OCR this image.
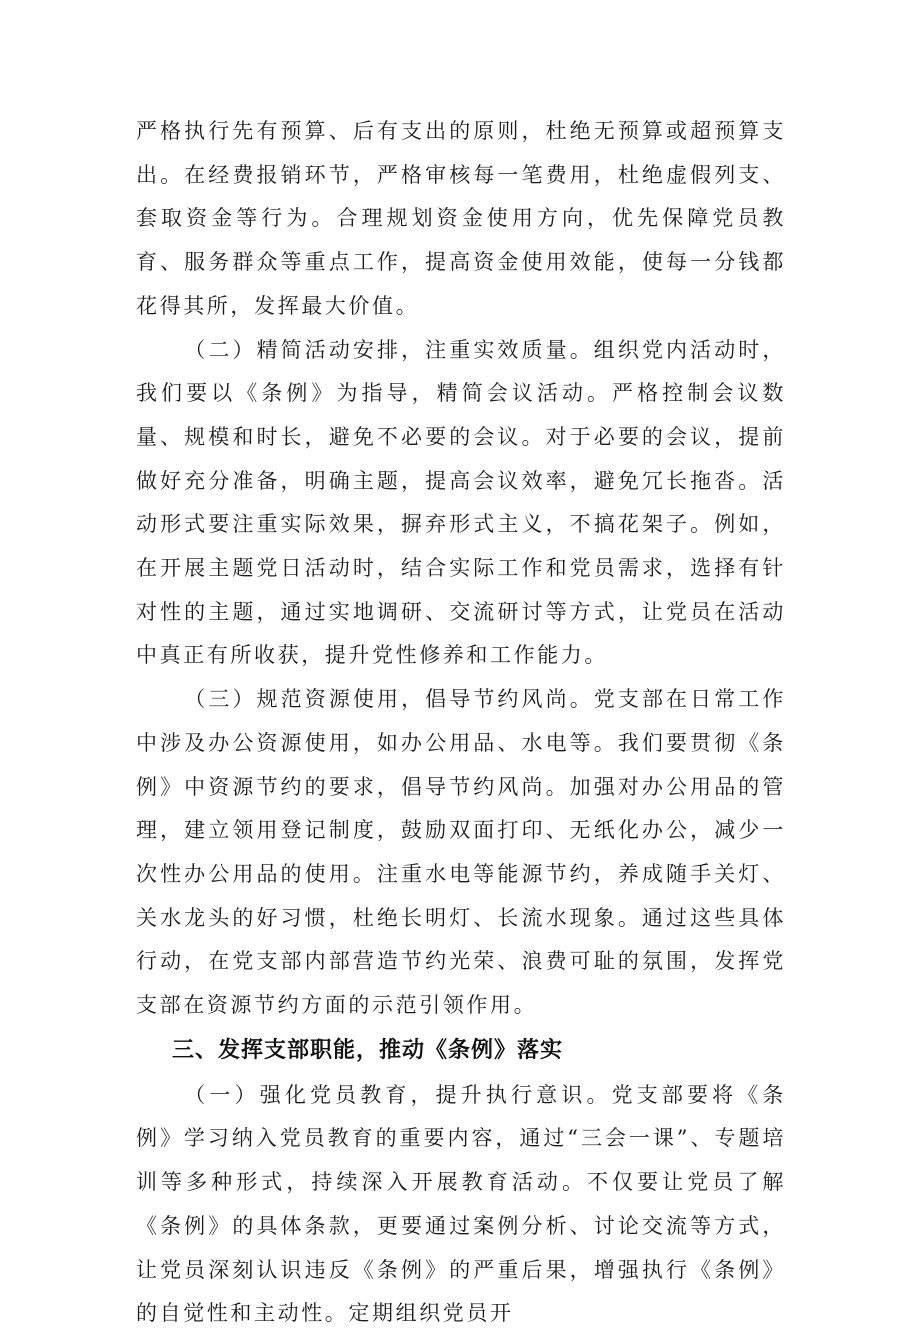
严格执行先有预算、后有支出的原则，杜绝无预算或超预算支出。在经费报销环节，严格审核每一笔费用，杜绝虚假列支、套取资金等行为。合理规划资金使用方向，优先保障党员教育、服务群众等重点工作，提高资金使用效能，使每一分钱都花得其所，发挥最大价值。

（二）精简活动安排，注重实效质量。组织党内活动时，我们要以《条例》为指导，精简会议活动。严格控制会议数量、规模和时长，避免不必要的会议。对于必要的会议，提前做好充分准备，明确主题，提高会议效率，避免冗长拖沓。活动形式要注重实际效果，摒弃形式主义，不搞花架子。例如，在开展主题党日活动时，结合实际工作和党员需求，选择有针对性的主题，通过实地调研、交流研讨等方式，让党员在活动中真正有所收获，提升党性修养和工作能力。

（三）规范资源使用，倡导节约风尚。党支部在日常工作中涉及办公资源使用，如办公用品、水电等。我们要贯彻《条例》中资源节约的要求，倡导节约风尚。加强对办公用品的管理，建立领用登记制度，鼓励双面打印、无纸化办公，减少一次性办公用品的使用。注重水电等能源节约，养成随手关灯、关水龙头的好习惯，杜绝长明灯、长流水现象。通过这些具体行动，在党支部内部营造节约光荣、浪费可耻的氛围，发挥党支部在资源节约方面的示范引领作用。

三、发挥支部职能，推动《条例》落实

（一）强化党员教育，提升执行意识。党支部要将《条例》学习纳入党员教育的重要内容，通过“三会一课”、专题培训等多种形式，持续深入开展教育活动。不仅要让党员了解《条例》的具体条款，更要通过案例分析、讨论交流等方式，让党员深刻认识违反《条例》的严重后果，增强执行《条例》的自觉性和主动性。定期组织党员开
